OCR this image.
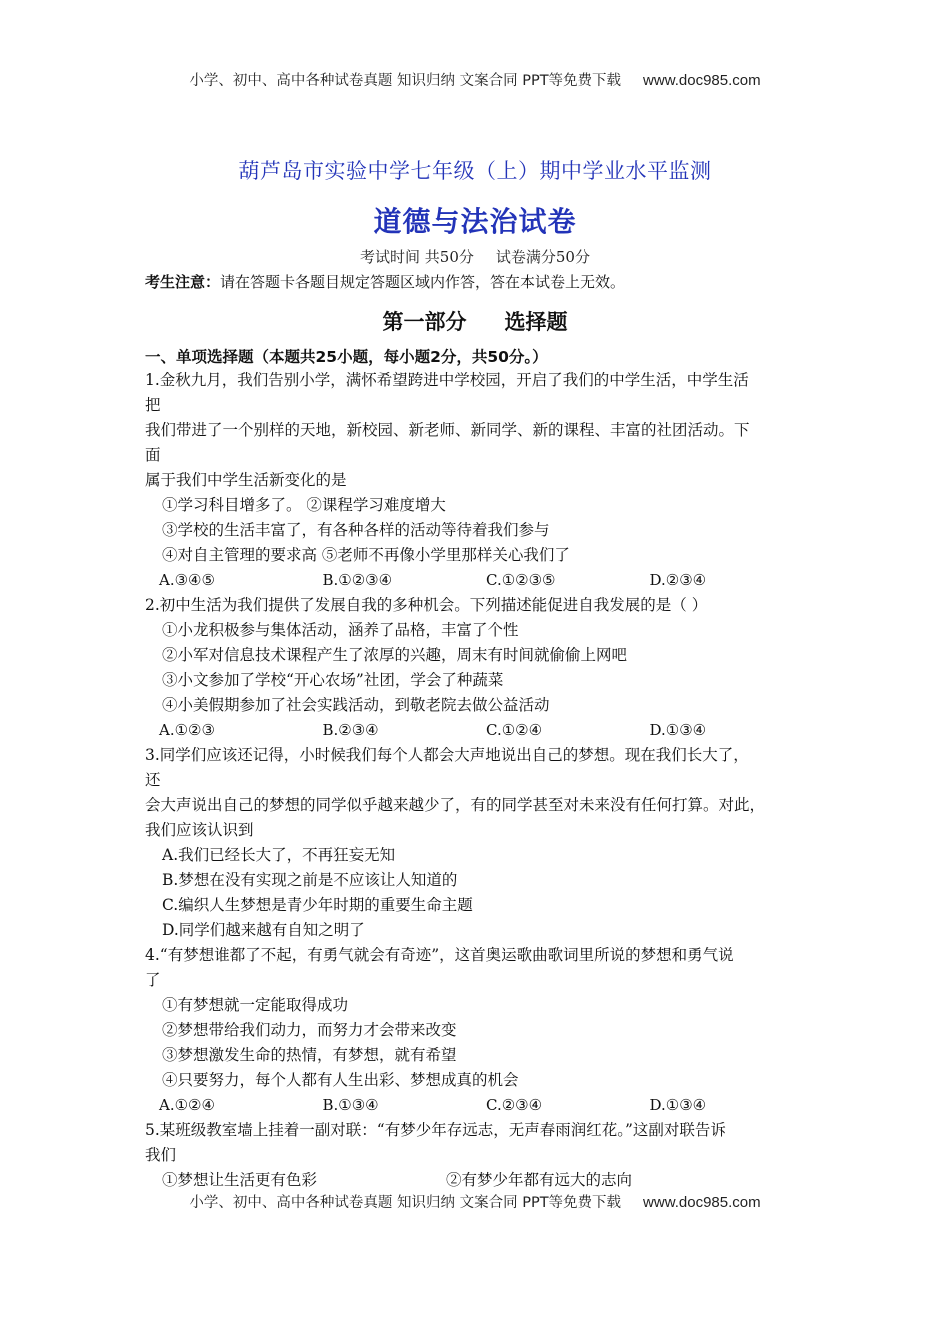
小学、初中、高中各种试卷真题 知识归纳 文案合同 PPT等免费下载 www.doc985.com
葫芦岛市实验中学七年级（上）期中学业水平监测
道德与法治试卷
考试时间 共50分 试卷满分50分
考生注意：请在答题卡各题目规定答题区域内作答，答在本试卷上无效。
第一部分 选择题
一、单项选择题（本题共25小题，每小题2分，共50分。）
1.金秋九月，我们告别小学，满怀希望跨进中学校园，开启了我们的中学生活，中学生活
把
我们带进了一个别样的天地，新校园、新老师、新同学、新的课程、丰富的社团活动。下
面
属于我们中学生活新变化的是
①学习科目增多了。 ②课程学习难度增大
③学校的生活丰富了，有各种各样的活动等待着我们参与
④对自主管理的要求高 ⑤老师不再像小学里那样关心我们了
A.③④⑤	B.①②③④	C.①②③⑤	D.②③④
2.初中生活为我们提供了发展自我的多种机会。下列描述能促进自我发展的是（ ）
①小龙积极参与集体活动，涵养了品格，丰富了个性
②小军对信息技术课程产生了浓厚的兴趣，周末有时间就偷偷上网吧
③小文参加了学校“开心农场”社团，学会了种蔬菜
④小美假期参加了社会实践活动，到敬老院去做公益活动
A.①②③	B.②③④	C.①②④	D.①③④
3.同学们应该还记得，小时候我们每个人都会大声地说出自己的梦想。现在我们长大了，
还
会大声说出自己的梦想的同学似乎越来越少了，有的同学甚至对未来没有任何打算。对此，
我们应该认识到
A.我们已经长大了，不再狂妄无知
B.梦想在没有实现之前是不应该让人知道的
C.编织人生梦想是青少年时期的重要生命主题
D.同学们越来越有自知之明了
4.“有梦想谁都了不起，有勇气就会有奇迹”，这首奥运歌曲歌词里所说的梦想和勇气说
了
①有梦想就一定能取得成功
②梦想带给我们动力，而努力才会带来改变
③梦想激发生命的热情，有梦想，就有希望
④只要努力，每个人都有人生出彩、梦想成真的机会
A.①②④	B.①③④	C.②③④	D.①③④
5.某班级教室墙上挂着一副对联：“有梦少年存远志，无声春雨润红花。”这副对联告诉
我们
①梦想让生活更有色彩	②有梦少年都有远大的志向
小学、初中、高中各种试卷真题 知识归纳 文案合同 PPT等免费下载 www.doc985.com
